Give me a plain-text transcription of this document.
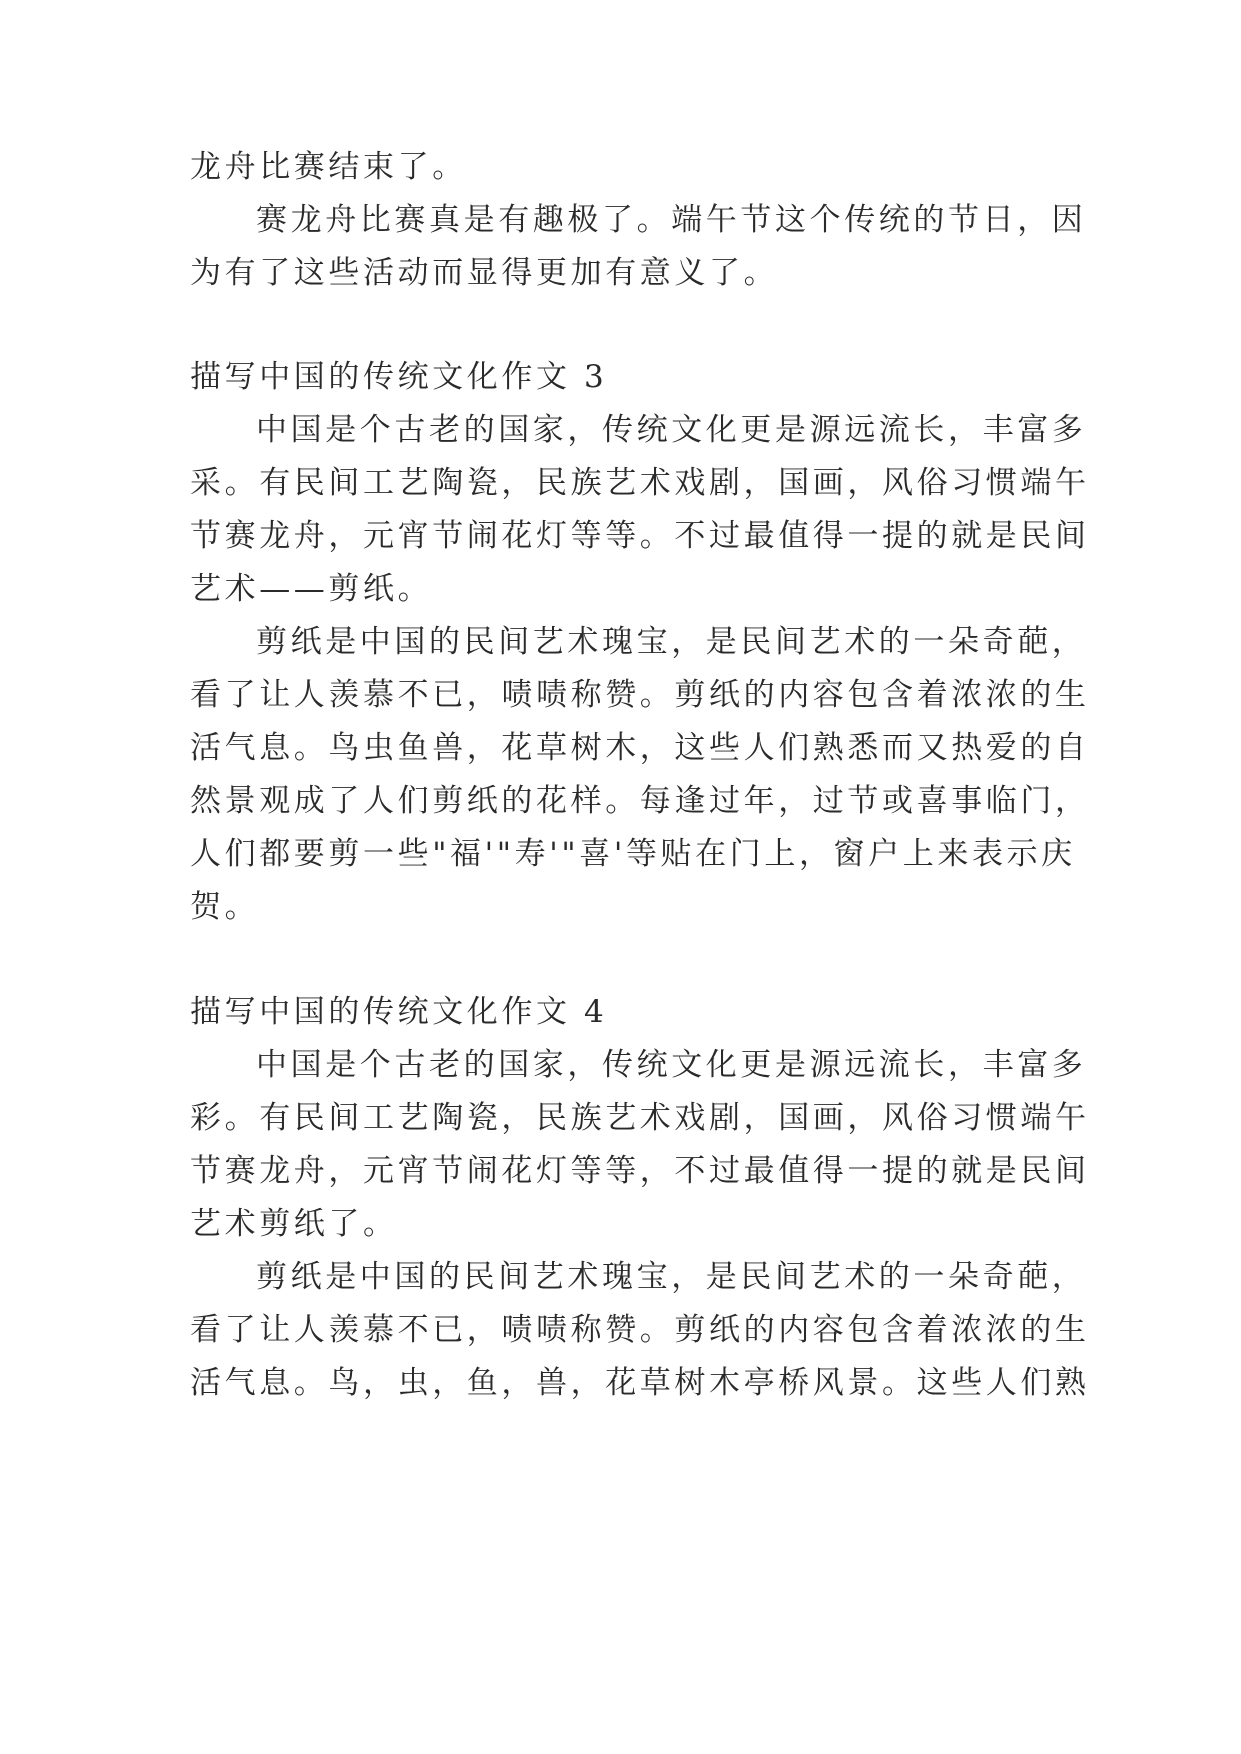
龙舟比赛结束了。
赛龙舟比赛真是有趣极了。端午节这个传统的节日，因
为有了这些活动而显得更加有意义了。
描写中国的传统文化作文 3
中国是个古老的国家，传统文化更是源远流长，丰富多
采。有民间工艺陶瓷，民族艺术戏剧，国画，风俗习惯端午
节赛龙舟，元宵节闹花灯等等。不过最值得一提的就是民间
艺术——剪纸。
剪纸是中国的民间艺术瑰宝，是民间艺术的一朵奇葩，
看了让人羡慕不已，啧啧称赞。剪纸的内容包含着浓浓的生
活气息。鸟虫鱼兽，花草树木，这些人们熟悉而又热爱的自
然景观成了人们剪纸的花样。每逢过年，过节或喜事临门，
人们都要剪一些"福'"寿'"喜'等贴在门上，窗户上来表示庆
贺。
描写中国的传统文化作文 4
中国是个古老的国家，传统文化更是源远流长，丰富多
彩。有民间工艺陶瓷，民族艺术戏剧，国画，风俗习惯端午
节赛龙舟，元宵节闹花灯等等，不过最值得一提的就是民间
艺术剪纸了。
剪纸是中国的民间艺术瑰宝，是民间艺术的一朵奇葩，
看了让人羡慕不已，啧啧称赞。剪纸的内容包含着浓浓的生
活气息。鸟，虫，鱼，兽，花草树木亭桥风景。这些人们熟
